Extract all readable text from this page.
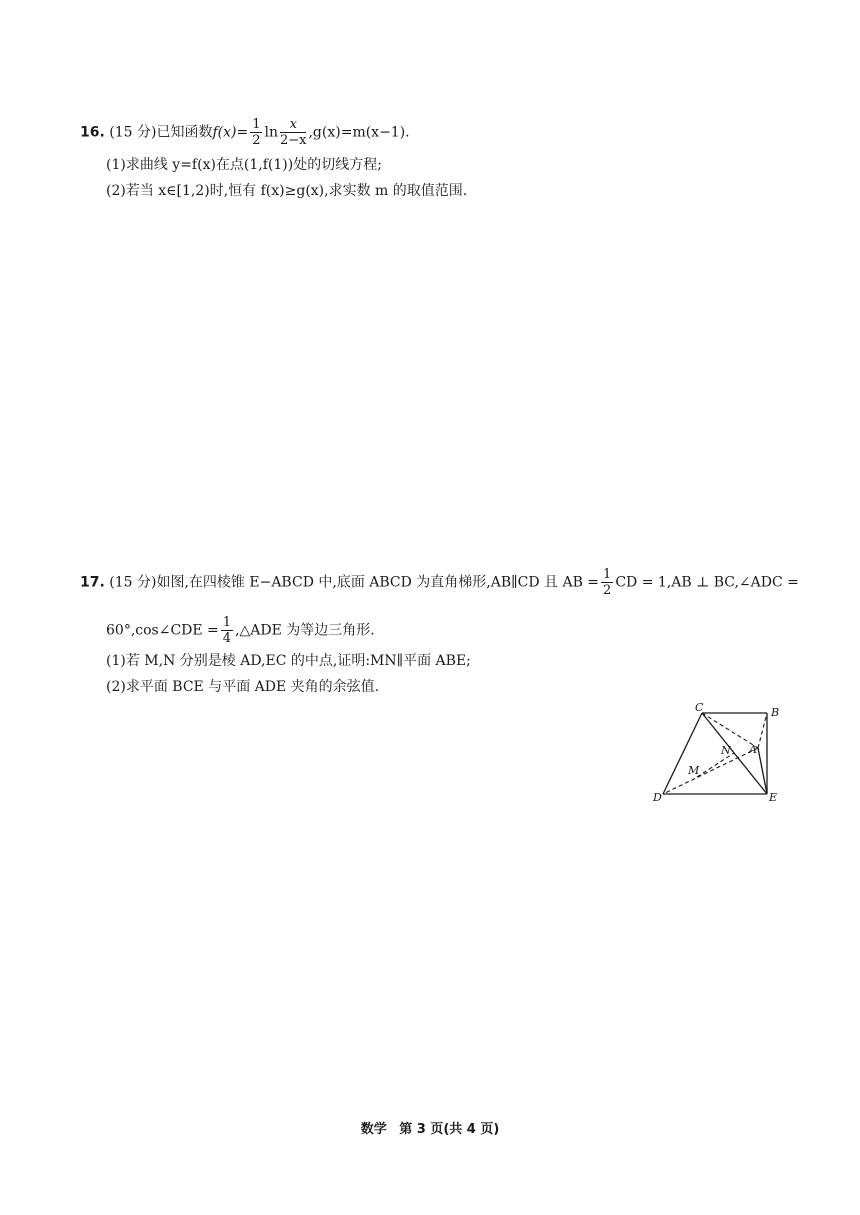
16. (15 分)已知函数$f(x)= \frac{1}{2}$ $\ln \frac{x}{2-x} ,g(x)=m(x-1)$.
(1)求曲线 y=f(x)在点(1,f(1))处的切线方程;
(2)若当 x∈[1,2)时,恒有 f(x)≥g(x),求实数 m 的取值范围.
17. (15 分)如图,在四棱锥 E−ABCD 中,底面 ABCD 为直角梯形,AB∥CD 且 AB = $\frac{1}{2}$ CD = 1,AB ⊥ BC,∠ADC =
60°,cos∠CDE = $\frac{1}{4}$ ,△ADE 为等边三角形.
(1)若 M,N 分别是棱 AD,EC 的中点,证明:MN∥平面 ABE;
(2)求平面 BCE 与平面 ADE 夹角的余弦值.
C	B
N A
M
D	E
数学 第 3 页(共 4 页)
